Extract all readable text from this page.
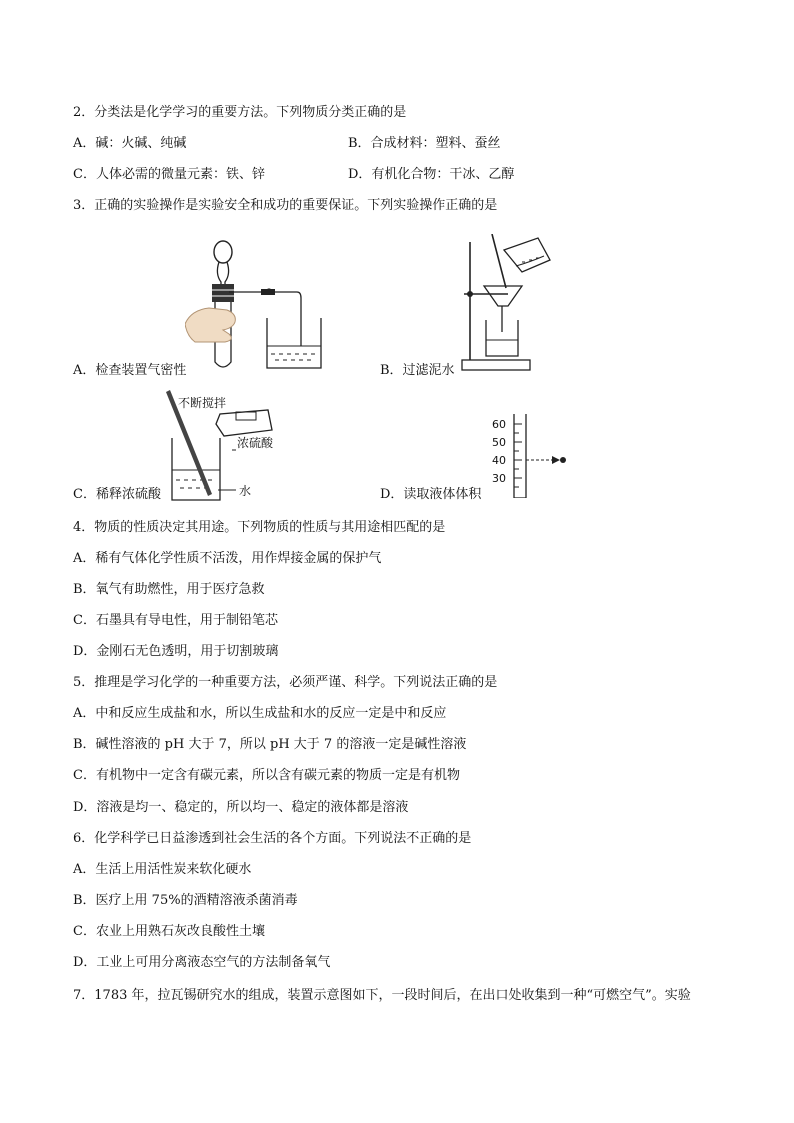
2．分类法是化学学习的重要方法。下列物质分类正确的是
A．碱：火碱、纯碱	B．合成材料：塑料、蚕丝
C．人体必需的微量元素：铁、锌	D．有机化合物：干冰、乙醇
3．正确的实验操作是实验安全和成功的重要保证。下列实验操作正确的是
A．检查装置气密性	B．过滤泥水
不断搅拌
浓硫酸
水
C．稀释浓硫酸
60
50
40
30
D．读取液体体积
4．物质的性质决定其用途。下列物质的性质与其用途相匹配的是
A．稀有气体化学性质不活泼，用作焊接金属的保护气
B．氧气有助燃性，用于医疗急救
C．石墨具有导电性，用于制铅笔芯
D．金刚石无色透明，用于切割玻璃
5．推理是学习化学的一种重要方法，必须严谨、科学。下列说法正确的是
A．中和反应生成盐和水，所以生成盐和水的反应一定是中和反应
B．碱性溶液的 pH 大于 7，所以 pH 大于 7 的溶液一定是碱性溶液
C．有机物中一定含有碳元素，所以含有碳元素的物质一定是有机物
D．溶液是均一、稳定的，所以均一、稳定的液体都是溶液
6．化学科学已日益渗透到社会生活的各个方面。下列说法不正确的是
A．生活上用活性炭来软化硬水
B．医疗上用 75%的酒精溶液杀菌消毒
C．农业上用熟石灰改良酸性土壤
D．工业上可用分离液态空气的方法制备氧气
7．1783 年，拉瓦锡研究水的组成，装置示意图如下，一段时间后，在出口处收集到一种“可燃空气”。实验
